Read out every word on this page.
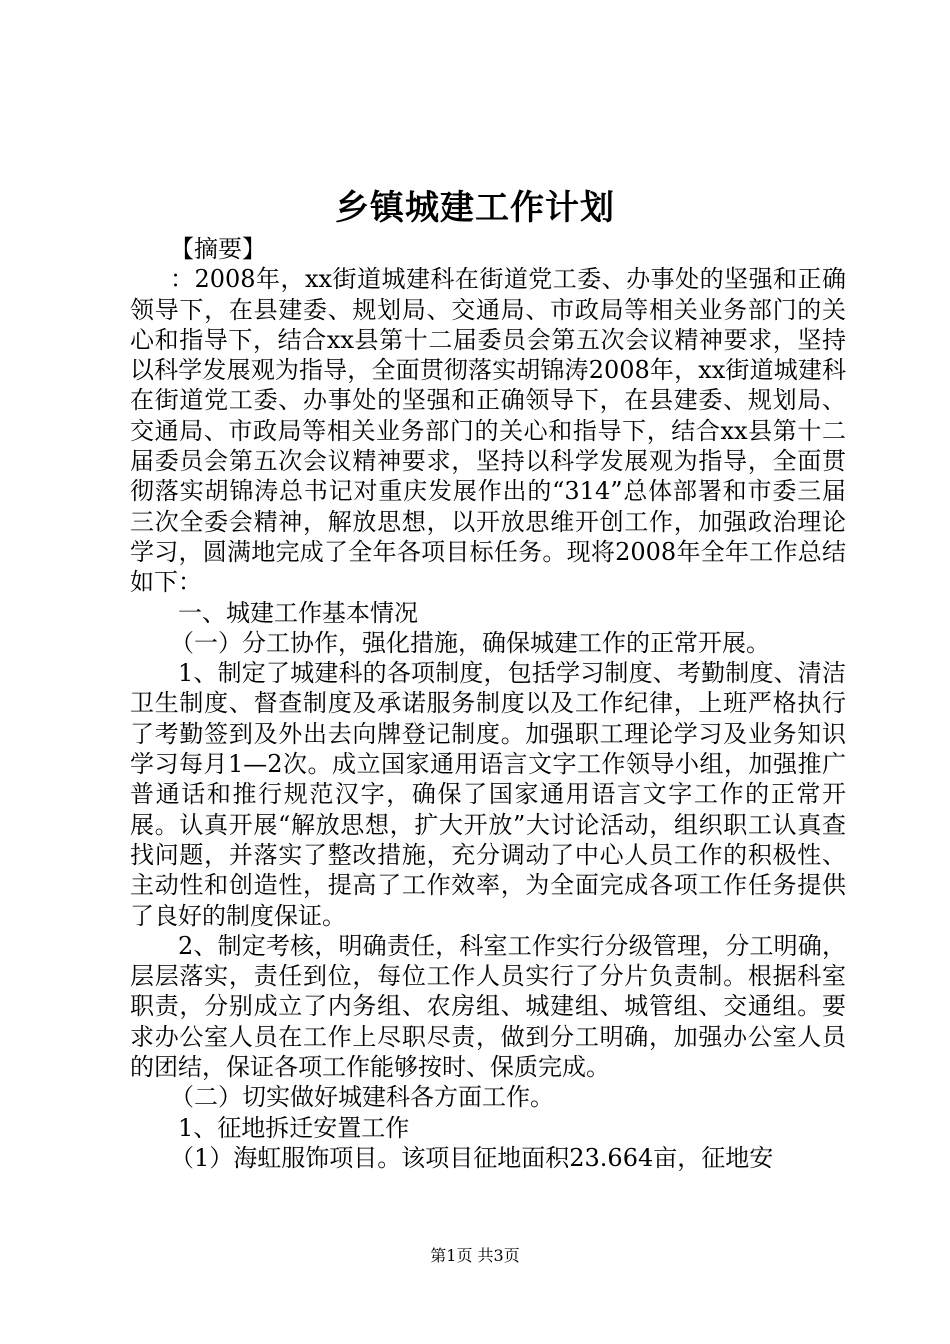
乡镇城建工作计划

【摘要】

：2008年，xx街道城建科在街道党工委、办事处的坚强和正确领导下，在县建委、规划局、交通局、市政局等相关业务部门的关心和指导下，结合xx县第十二届委员会第五次会议精神要求，坚持以科学发展观为指导，全面贯彻落实胡锦涛2008年，xx街道城建科在街道党工委、办事处的坚强和正确领导下，在县建委、规划局、交通局、市政局等相关业务部门的关心和指导下，结合xx县第十二届委员会第五次会议精神要求，坚持以科学发展观为指导，全面贯彻落实胡锦涛总书记对重庆发展作出的“314”总体部署和市委三届三次全委会精神，解放思想，以开放思维开创工作，加强政治理论学习，圆满地完成了全年各项目标任务。现将2008年全年工作总结如下：

一、城建工作基本情况

（一）分工协作，强化措施，确保城建工作的正常开展。

1、制定了城建科的各项制度，包括学习制度、考勤制度、清洁卫生制度、督查制度及承诺服务制度以及工作纪律，上班严格执行了考勤签到及外出去向牌登记制度。加强职工理论学习及业务知识学习每月1—2次。成立国家通用语言文字工作领导小组，加强推广普通话和推行规范汉字，确保了国家通用语言文字工作的正常开展。认真开展“解放思想，扩大开放”大讨论活动，组织职工认真查找问题，并落实了整改措施，充分调动了中心人员工作的积极性、主动性和创造性，提高了工作效率，为全面完成各项工作任务提供了良好的制度保证。

2、制定考核，明确责任，科室工作实行分级管理，分工明确，层层落实，责任到位，每位工作人员实行了分片负责制。根据科室职责，分别成立了内务组、农房组、城建组、城管组、交通组。要求办公室人员在工作上尽职尽责，做到分工明确，加强办公室人员的团结，保证各项工作能够按时、保质完成。

（二）切实做好城建科各方面工作。

1、征地拆迁安置工作

（1）海虹服饰项目。该项目征地面积23.664亩，征地安

第1页 共3页
